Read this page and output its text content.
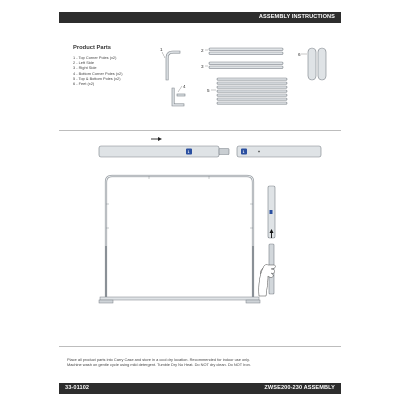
ASSEMBLY INSTRUCTIONS
Product Parts
1 - Top Corner Poles (x2)
2 - Left Side
3 - Right Side
4 - Bottom Corner Poles (x2)
5 - Top & Bottom Poles (x2)
6 - Feet (x2)
1
4
2
3
5
6
1	1

Place all product parts into Carry Case and store in a cool dry location. Recommended for indoor use only.
Machine wash on gentle cycle using mild detergent. Tumble Dry No Heat. Do NOT dry clean. Do NOT Iron.

33-01102	ZWSE200-230 ASSEMBLY
